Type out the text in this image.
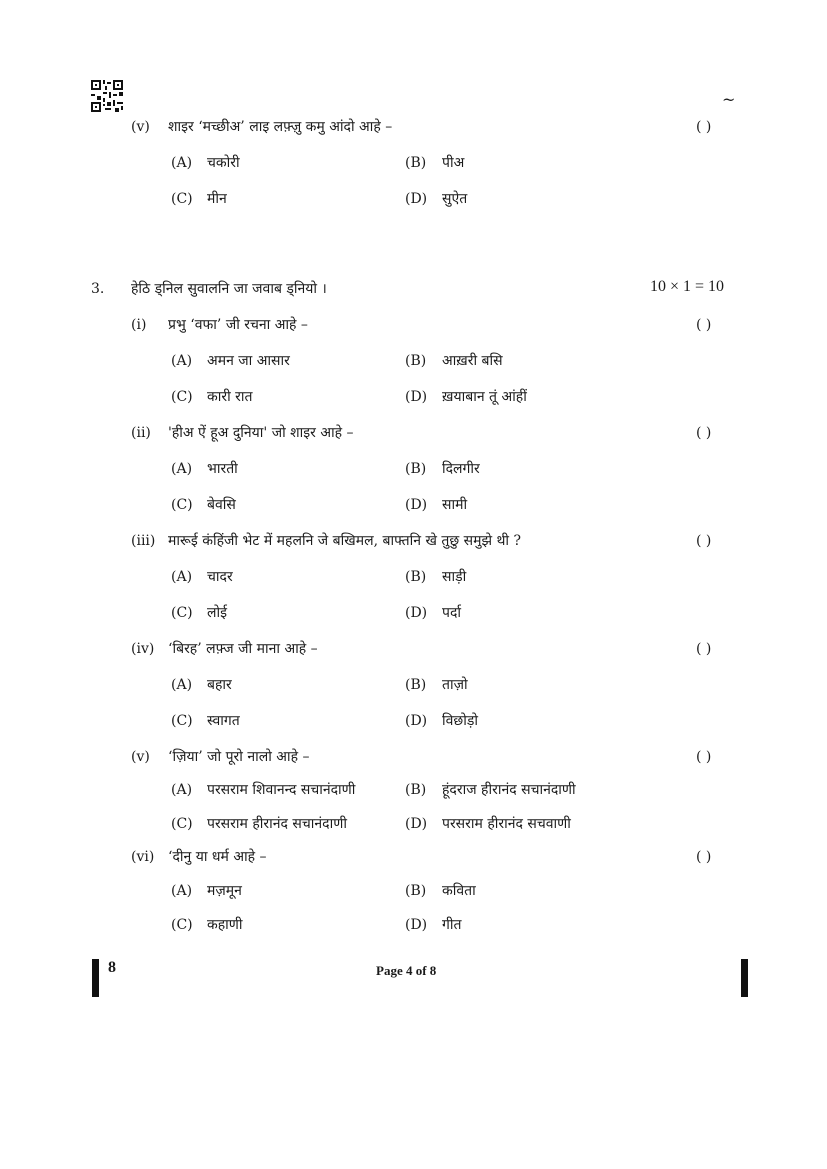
~
(v) शाइर ‘मच्छीअ’ लाइ लफ़्ज़ु कमु आंदो आहे –	( )
(A) चकोरी	(B) पीअ
(C) मीन	(D) सुऐत
3. हेठि ड्निल सुवालनि जा जवाब ड्नियो ।	10 × 1 = 10
(i) प्रभु ‘वफा’ जी रचना आहे –	( )
(A) अमन जा आसार	(B) आख़री बसि
(C) कारी रात	(D) ख़याबान तूं आंहीं
(ii) 'हीअ ऐं हूअ दुनिया' जो शाइर आहे –	( )
(A) भारती	(B) दिलगीर
(C) बेवसि	(D) सामी
(iii) मारूई कंहिंजी भेट में महलनि जे बखिमल, बाफ्तनि खे तुछु समुझे थी ?	( )
(A) चादर	(B) साड़ी
(C) लोई	(D) पर्दा
(iv) ‘बिरह’ लफ़्ज जी माना आहे –	( )
(A) बहार	(B) ताज़ो
(C) स्वागत	(D) विछोड़ो
(v) ‘ज़िया’ जो पूरो नालो आहे –	( )
(A) परसराम शिवानन्द सचानंदाणी	(B) हूंदराज हीरानंद सचानंदाणी
(C) परसराम हीरानंद सचानंदाणी	(D) परसराम हीरानंद सचवाणी
(vi) ‘दीनु या धर्म आहे –	( )
(A) मज़मून	(B) कविता
(C) कहाणी	(D) गीत
8	Page 4 of 8
